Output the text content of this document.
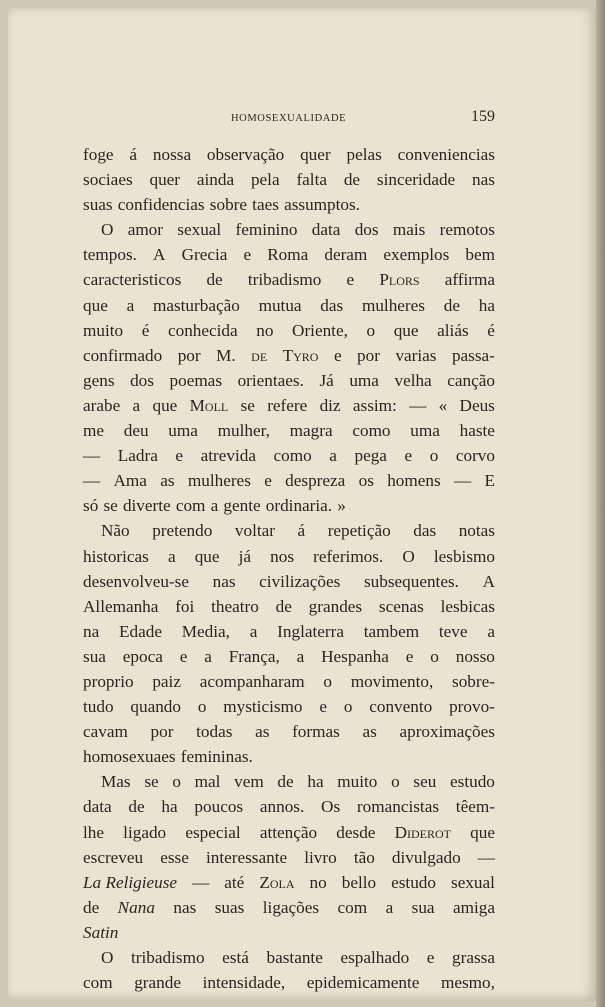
HOMOSEXUALIDADE	159
foge á nossa observação quer pelas conveniencias
sociaes quer ainda pela falta de sinceridade nas
suas confidencias sobre taes assumptos.
O amor sexual feminino data dos mais remotos
tempos. A Grecia e Roma deram exemplos bem
caracteristicos de tribadismo e Plors affirma
que a masturbação mutua das mulheres de ha
muito é conhecida no Oriente, o que aliás é
confirmado por M. de Tyro e por varias passa-
gens dos poemas orientaes. Já uma velha canção
arabe a que Moll se refere diz assim: — « Deus
me deu uma mulher, magra como uma haste
— Ladra e atrevida como a pega e o corvo
— Ama as mulheres e despreza os homens — E
só se diverte com a gente ordinaria. »
Não pretendo voltar á repetição das notas
historicas a que já nos referimos. O lesbismo
desenvolveu-se nas civilizações subsequentes. A
Allemanha foi theatro de grandes scenas lesbicas
na Edade Media, a Inglaterra tambem teve a
sua epoca e a França, a Hespanha e o nosso
proprio paiz acompanharam o movimento, sobre-
tudo quando o mysticismo e o convento provo-
cavam por todas as formas as aproximações
homosexuaes femininas.
Mas se o mal vem de ha muito o seu estudo
data de ha poucos annos. Os romancistas têem-
lhe ligado especial attenção desde Diderot que
escreveu esse interessante livro tão divulgado —
La Religieuse — até Zola no bello estudo sexual
de Nana nas suas ligações com a sua amiga
Satin
O tribadismo está bastante espalhado e grassa
com grande intensidade, epidemicamente mesmo,
